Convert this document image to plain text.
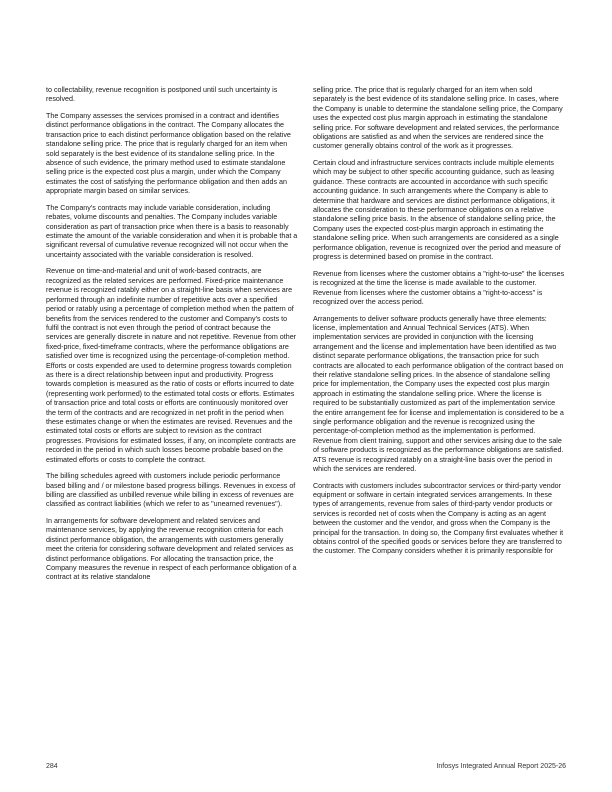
to collectability, revenue recognition is postponed until such uncertainty is resolved.

The Company assesses the services promised in a contract and identifies distinct performance obligations in the contract. The Company allocates the transaction price to each distinct performance obligation based on the relative standalone selling price. The price that is regularly charged for an item when sold separately is the best evidence of its standalone selling price. In the absence of such evidence, the primary method used to estimate standalone selling price is the expected cost plus a margin, under which the Company estimates the cost of satisfying the performance obligation and then adds an appropriate margin based on similar services.

The Company's contracts may include variable consideration, including rebates, volume discounts and penalties. The Company includes variable consideration as part of transaction price when there is a basis to reasonably estimate the amount of the variable consideration and when it is probable that a significant reversal of cumulative revenue recognized will not occur when the uncertainty associated with the variable consideration is resolved.

Revenue on time-and-material and unit of work-based contracts, are recognized as the related services are performed. Fixed-price maintenance revenue is recognized ratably either on a straight-line basis when services are performed through an indefinite number of repetitive acts over a specified period or ratably using a percentage of completion method when the pattern of benefits from the services rendered to the customer and Company's costs to fulfil the contract is not even through the period of contract because the services are generally discrete in nature and not repetitive. Revenue from other fixed-price, fixed-timeframe contracts, where the performance obligations are satisfied over time is recognized using the percentage-of-completion method. Efforts or costs expended are used to determine progress towards completion as there is a direct relationship between input and productivity. Progress towards completion is measured as the ratio of costs or efforts incurred to date (representing work performed) to the estimated total costs or efforts. Estimates of transaction price and total costs or efforts are continuously monitored over the term of the contracts and are recognized in net profit in the period when these estimates change or when the estimates are revised. Revenues and the estimated total costs or efforts are subject to revision as the contract progresses. Provisions for estimated losses, if any, on incomplete contracts are recorded in the period in which such losses become probable based on the estimated efforts or costs to complete the contract.

The billing schedules agreed with customers include periodic performance based billing and / or milestone based progress billings. Revenues in excess of billing are classified as unbilled revenue while billing in excess of revenues are classified as contract liabilities (which we refer to as "unearned revenues").

In arrangements for software development and related services and maintenance services, by applying the revenue recognition criteria for each distinct performance obligation, the arrangements with customers generally meet the criteria for considering software development and related services as distinct performance obligations. For allocating the transaction price, the Company measures the revenue in respect of each performance obligation of a contract at its relative standalone

selling price. The price that is regularly charged for an item when sold separately is the best evidence of its standalone selling price. In cases, where the Company is unable to determine the standalone selling price, the Company uses the expected cost plus margin approach in estimating the standalone selling price. For software development and related services, the performance obligations are satisfied as and when the services are rendered since the customer generally obtains control of the work as it progresses.

Certain cloud and infrastructure services contracts include multiple elements which may be subject to other specific accounting guidance, such as leasing guidance. These contracts are accounted in accordance with such specific accounting guidance. In such arrangements where the Company is able to determine that hardware and services are distinct performance obligations, it allocates the consideration to these performance obligations on a relative standalone selling price basis. In the absence of standalone selling price, the Company uses the expected cost-plus margin approach in estimating the standalone selling price. When such arrangements are considered as a single performance obligation, revenue is recognized over the period and measure of progress is determined based on promise in the contract.

Revenue from licenses where the customer obtains a "right-to-use" the licenses is recognized at the time the license is made available to the customer. Revenue from licenses where the customer obtains a "right-to-access" is recognized over the access period.

Arrangements to deliver software products generally have three elements: license, implementation and Annual Technical Services (ATS). When implementation services are provided in conjunction with the licensing arrangement and the license and implementation have been identified as two distinct separate performance obligations, the transaction price for such contracts are allocated to each performance obligation of the contract based on their relative standalone selling prices. In the absence of standalone selling price for implementation, the Company uses the expected cost plus margin approach in estimating the standalone selling price. Where the license is required to be substantially customized as part of the implementation service the entire arrangement fee for license and implementation is considered to be a single performance obligation and the revenue is recognized using the percentage-of-completion method as the implementation is performed. Revenue from client training, support and other services arising due to the sale of software products is recognized as the performance obligations are satisfied. ATS revenue is recognized ratably on a straight-line basis over the period in which the services are rendered.

Contracts with customers includes subcontractor services or third-party vendor equipment or software in certain integrated services arrangements. In these types of arrangements, revenue from sales of third-party vendor products or services is recorded net of costs when the Company is acting as an agent between the customer and the vendor, and gross when the Company is the principal for the transaction. In doing so, the Company first evaluates whether it obtains control of the specified goods or services before they are transferred to the customer. The Company considers whether it is primarily responsible for

284	Infosys Integrated Annual Report 2025-26
